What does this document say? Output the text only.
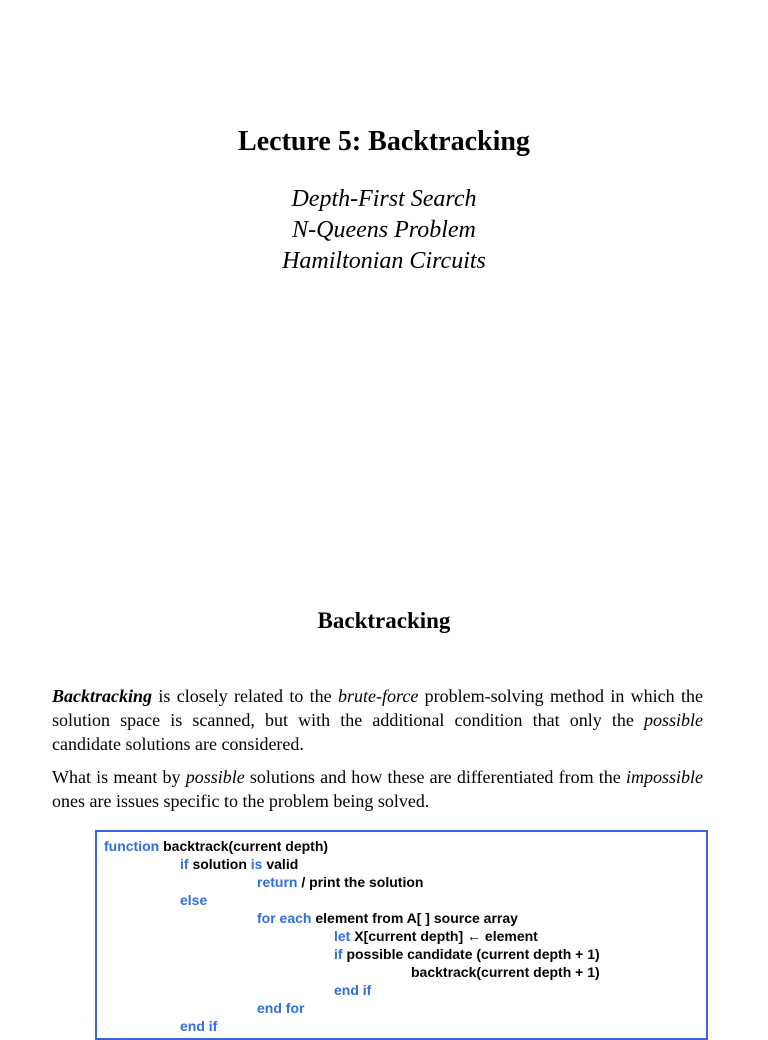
Lecture 5: Backtracking
Depth-First Search
N-Queens Problem
Hamiltonian Circuits
Backtracking

Backtracking is closely related to the brute-force problem-solving method in which the solution space is scanned, but with the additional condition that only the possible candidate solutions are considered.

What is meant by possible solutions and how these are differentiated from the impossible ones are issues specific to the problem being solved.

function backtrack(current depth)
if solution is valid
return / print the solution
else
for each element from A[ ] source array
let X[current depth] ← element
if possible candidate (current depth + 1)
backtrack(current depth + 1)
end if
end for
end if
